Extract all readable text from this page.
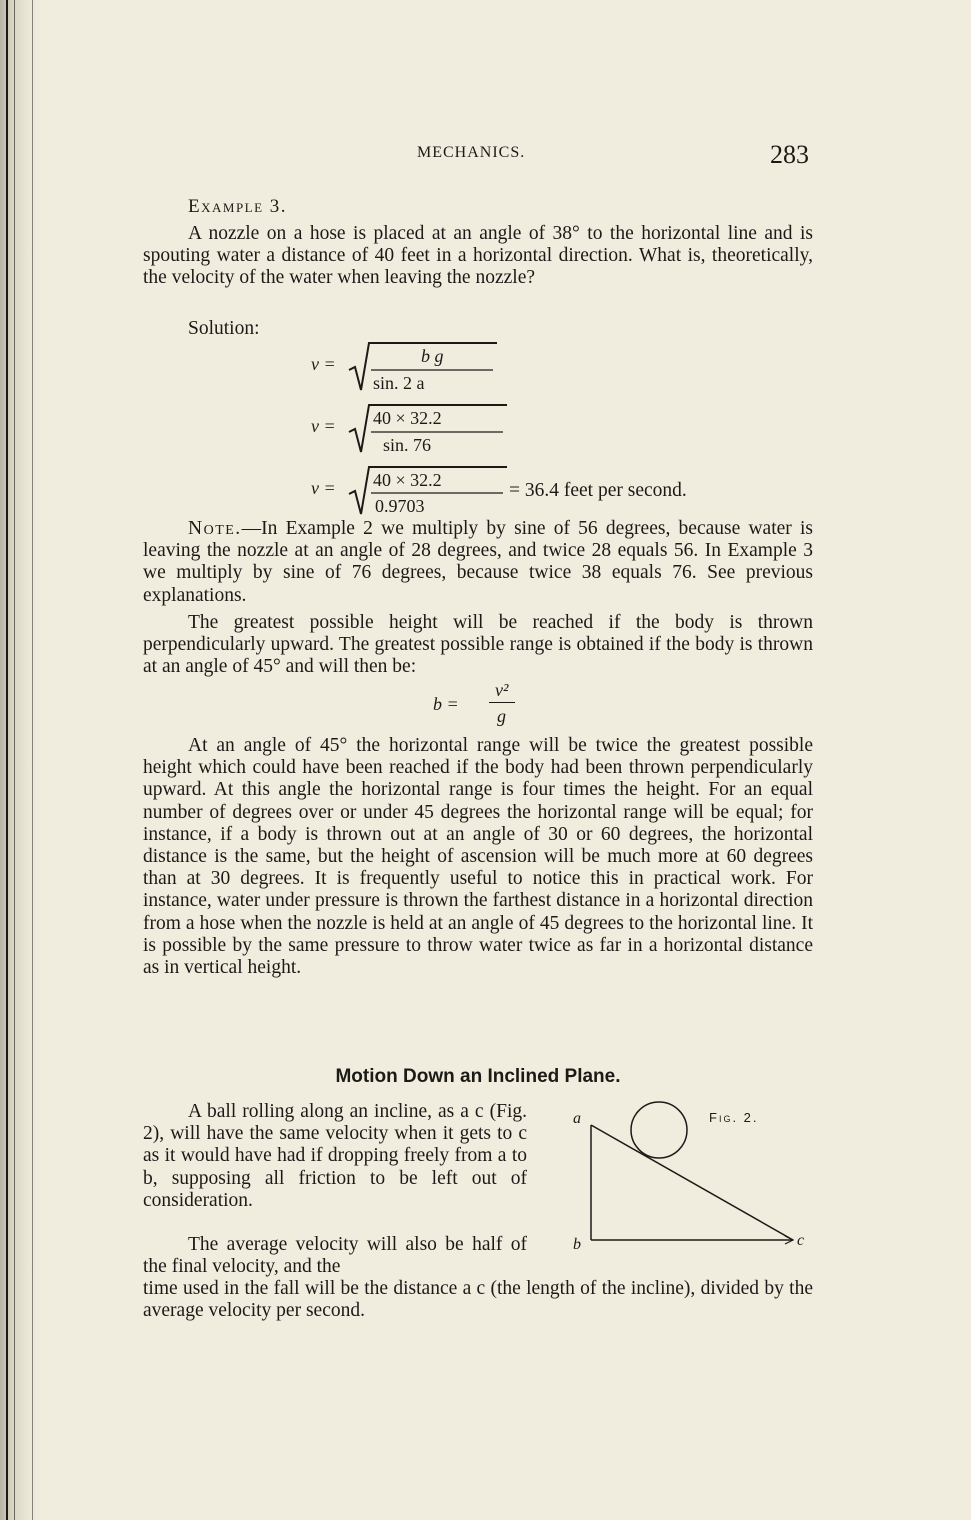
MECHANICS.	283
Example 3.

A nozzle on a hose is placed at an angle of 38° to the horizontal line and is spouting water a distance of 40 feet in a horizontal direction. What is, theoretically, the velocity of the water when leaving the nozzle?

Solution:
v =	b g
sin. 2 a
v = 40 × 32.2
sin. 76
v = 40 × 32.2
0.9703
= 36.4 feet per second.

Note.—In Example 2 we multiply by sine of 56 degrees, because water is leaving the nozzle at an angle of 28 degrees, and twice 28 equals 56. In Example 3 we multiply by sine of 76 degrees, because twice 38 equals 76. See previous explanations.

The greatest possible height will be reached if the body is thrown perpendicularly upward. The greatest possible range is obtained if the body is thrown at an angle of 45° and will then be:

b =
v²
g

At an angle of 45° the horizontal range will be twice the greatest possible height which could have been reached if the body had been thrown perpendicularly upward. At this angle the horizontal range is four times the height. For an equal number of degrees over or under 45 degrees the horizontal range will be equal; for instance, if a body is thrown out at an angle of 30 or 60 degrees, the horizontal distance is the same, but the height of ascension will be much more at 60 degrees than at 30 degrees. It is frequently useful to notice this in practical work. For instance, water under pressure is thrown the farthest distance in a horizontal direction from a hose when the nozzle is held at an angle of 45 degrees to the horizontal line. It is possible by the same pressure to throw water twice as far in a horizontal distance as in vertical height.

Motion Down an Inclined Plane.

A ball rolling along an incline, as a c (Fig. 2), will have the same velocity when it gets to c as it would have had if dropping freely from a to b, supposing all friction to be left out of consideration.

The average velocity will also be half of the final velocity, and the

time used in the fall will be the distance a c (the length of the incline), divided by the average velocity per second.

a
b	c
Fig. 2.
